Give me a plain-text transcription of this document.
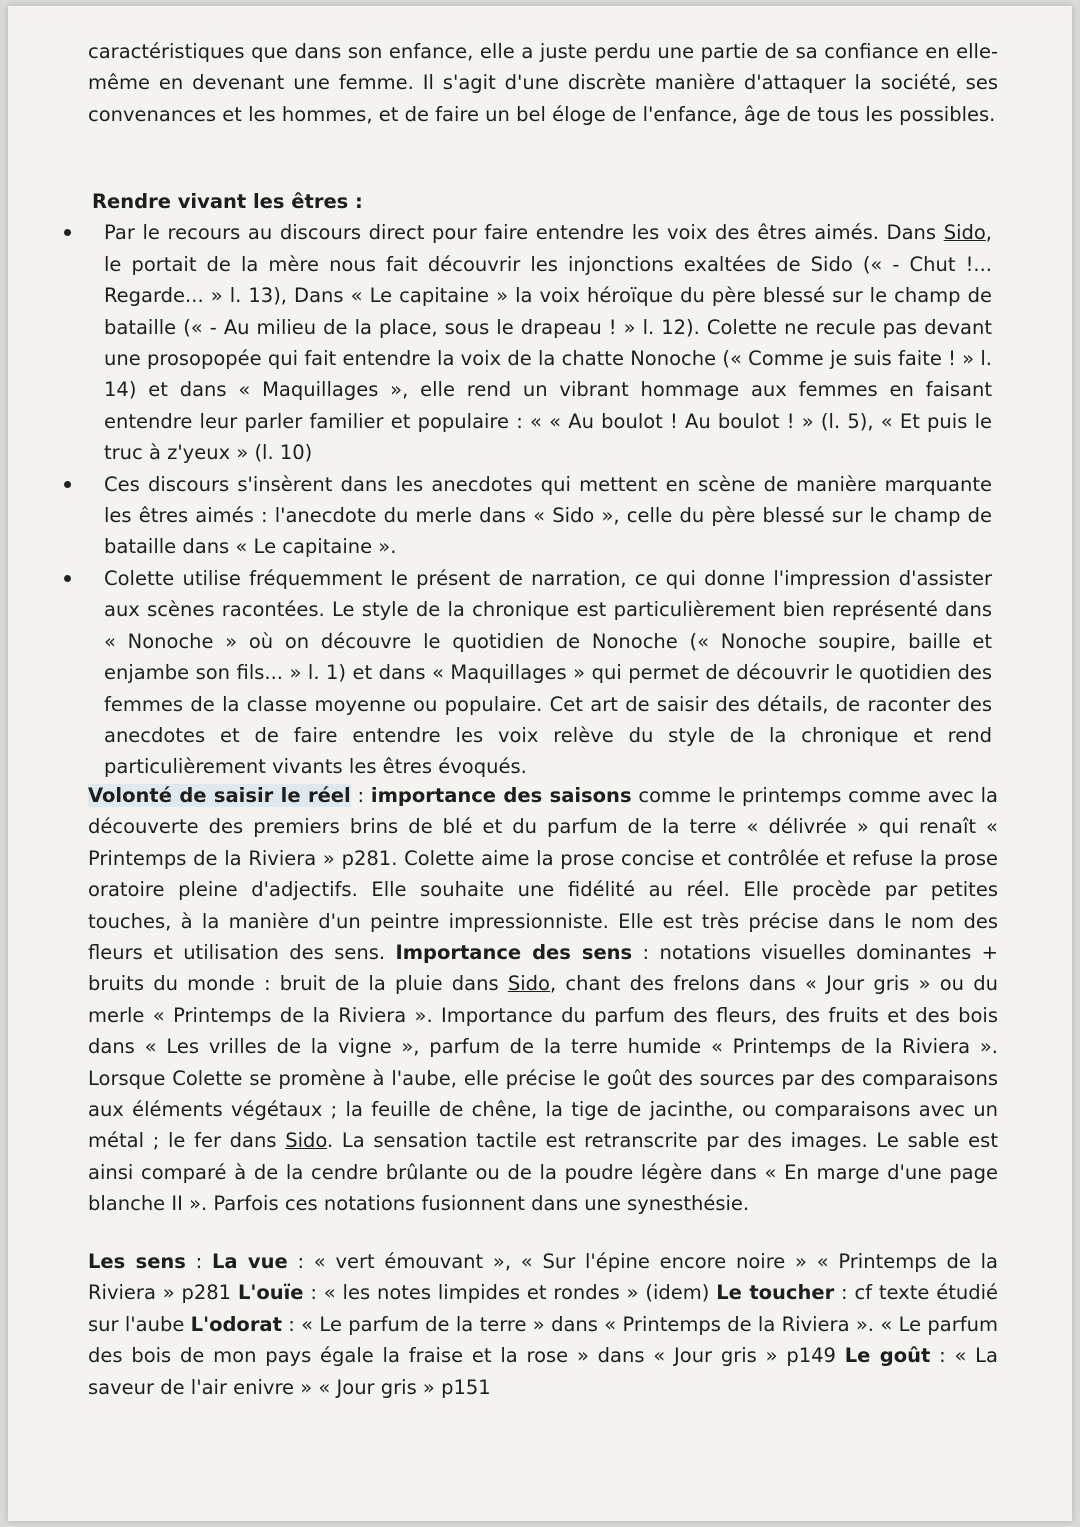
caractéristiques que dans son enfance, elle a juste perdu une partie de sa confiance en elle-même en devenant une femme. Il s'agit d'une discrète manière d'attaquer la société, ses convenances et les hommes, et de faire un bel éloge de l'enfance, âge de tous les possibles.

Rendre vivant les êtres :

Par le recours au discours direct pour faire entendre les voix des êtres aimés. Dans Sido, le portait de la mère nous fait découvrir les injonctions exaltées de Sido (« - Chut !... Regarde... » l. 13), Dans « Le capitaine » la voix héroïque du père blessé sur le champ de bataille (« - Au milieu de la place, sous le drapeau ! » l. 12). Colette ne recule pas devant une prosopopée qui fait entendre la voix de la chatte Nonoche (« Comme je suis faite ! » l. 14) et dans « Maquillages », elle rend un vibrant hommage aux femmes en faisant entendre leur parler familier et populaire : « « Au boulot ! Au boulot ! » (l. 5), « Et puis le truc à z'yeux » (l. 10)
Ces discours s'insèrent dans les anecdotes qui mettent en scène de manière marquante les êtres aimés : l'anecdote du merle dans « Sido », celle du père blessé sur le champ de bataille dans « Le capitaine ».
Colette utilise fréquemment le présent de narration, ce qui donne l'impression d'assister aux scènes racontées. Le style de la chronique est particulièrement bien représenté dans « Nonoche » où on découvre le quotidien de Nonoche (« Nonoche soupire, baille et enjambe son fils... » l. 1) et dans « Maquillages » qui permet de découvrir le quotidien des femmes de la classe moyenne ou populaire. Cet art de saisir des détails, de raconter des anecdotes et de faire entendre les voix relève du style de la chronique et rend particulièrement vivants les êtres évoqués.

Volonté de saisir le réel : importance des saisons comme le printemps comme avec la découverte des premiers brins de blé et du parfum de la terre « délivrée » qui renaît « Printemps de la Riviera » p281. Colette aime la prose concise et contrôlée et refuse la prose oratoire pleine d'adjectifs. Elle souhaite une fidélité au réel. Elle procède par petites touches, à la manière d'un peintre impressionniste. Elle est très précise dans le nom des fleurs et utilisation des sens. Importance des sens : notations visuelles dominantes + bruits du monde : bruit de la pluie dans Sido, chant des frelons dans « Jour gris » ou du merle « Printemps de la Riviera ». Importance du parfum des fleurs, des fruits et des bois dans « Les vrilles de la vigne », parfum de la terre humide « Printemps de la Riviera ». Lorsque Colette se promène à l'aube, elle précise le goût des sources par des comparaisons aux éléments végétaux ; la feuille de chêne, la tige de jacinthe, ou comparaisons avec un métal ; le fer dans Sido. La sensation tactile est retranscrite par des images. Le sable est ainsi comparé à de la cendre brûlante ou de la poudre légère dans « En marge d'une page blanche II ». Parfois ces notations fusionnent dans une synesthésie.

Les sens : La vue : « vert émouvant », « Sur l'épine encore noire » « Printemps de la Riviera » p281 L'ouïe : « les notes limpides et rondes » (idem) Le toucher : cf texte étudié sur l'aube L'odorat : « Le parfum de la terre » dans « Printemps de la Riviera ». « Le parfum des bois de mon pays égale la fraise et la rose » dans « Jour gris » p149 Le goût : « La saveur de l'air enivre » « Jour gris » p151
